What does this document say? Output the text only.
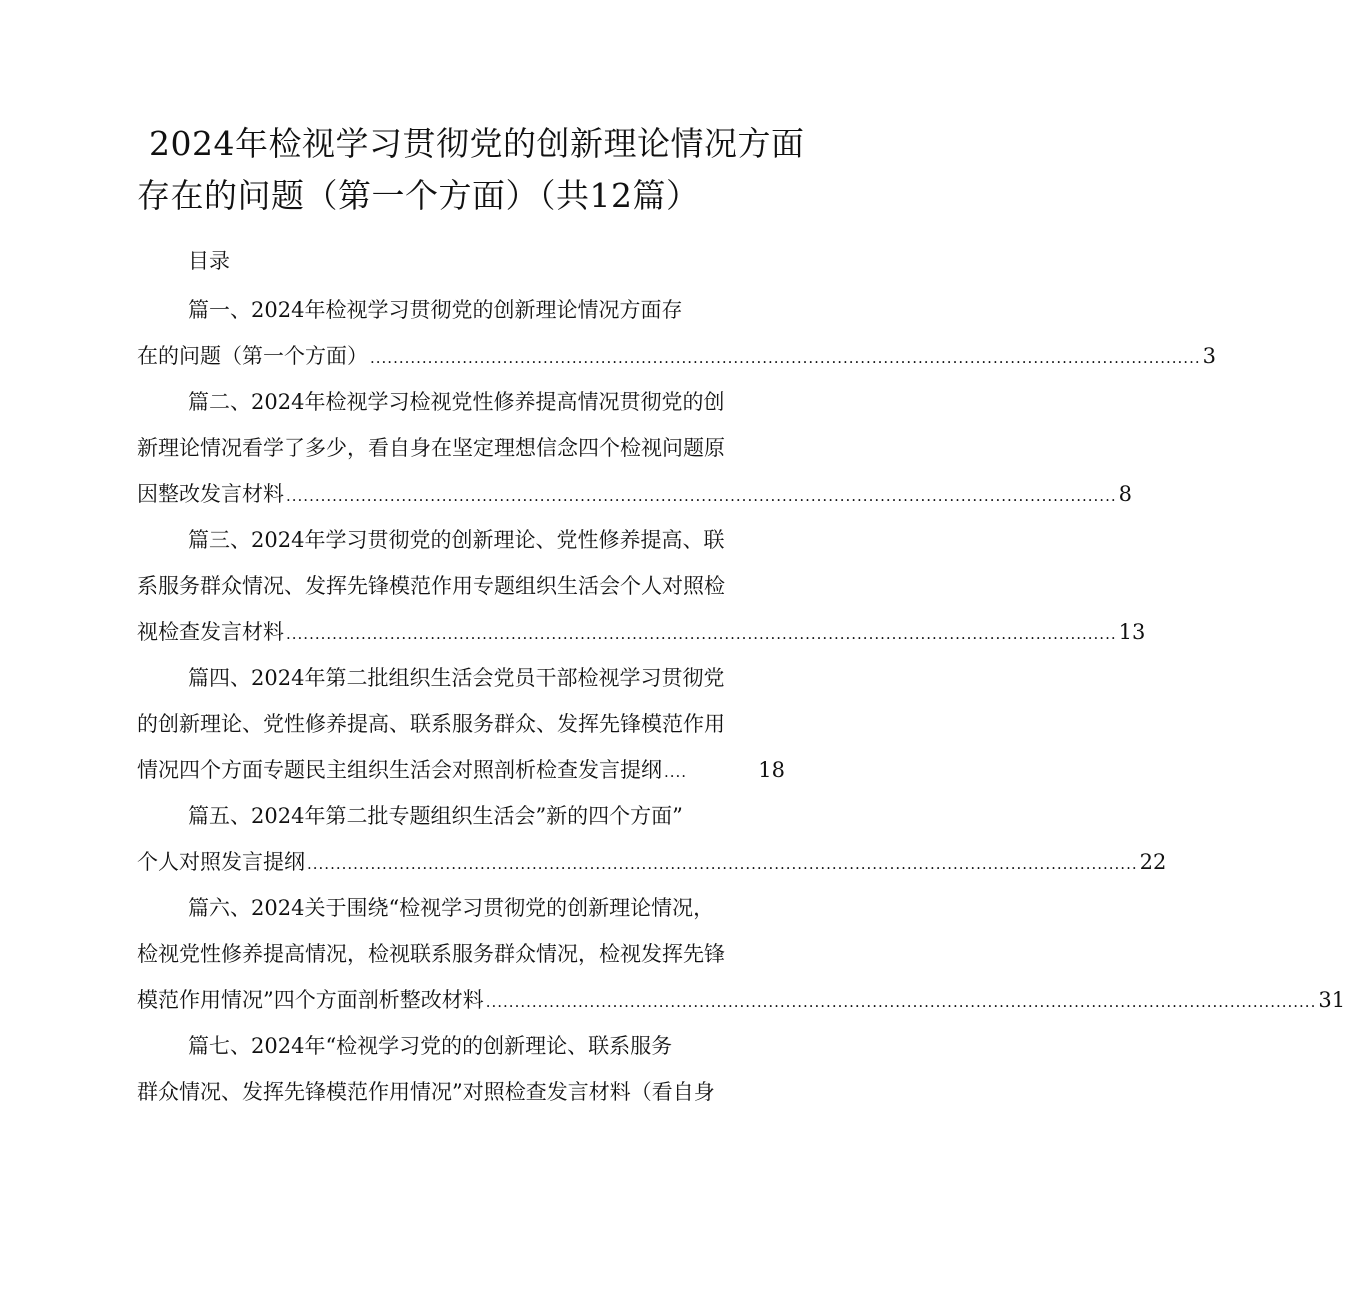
2024年检视学习贯彻党的创新理论情况方面
存在的问题（第一个方面）（共12篇）
目录
篇一、2024年检视学习贯彻党的创新理论情况方面存
在的问题（第一个方面） ................................................................................................................................................ 3
篇二、2024年检视学习检视党性修养提高情况贯彻党的创
新理论情况看学了多少，看自身在坚定理想信念四个检视问题原
因整改发言材料 ................................................................................................................................................ 8
篇三、2024年学习贯彻党的创新理论、党性修养提高、联
系服务群众情况、发挥先锋模范作用专题组织生活会个人对照检
视检查发言材料 ................................................................................................................................................ 13
篇四、2024年第二批组织生活会党员干部检视学习贯彻党
的创新理论、党性修养提高、联系服务群众、发挥先锋模范作用
情况四个方面专题民主组织生活会对照剖析检查发言提纲 ....	18
篇五、2024年第二批专题组织生活会”新的四个方面”
个人对照发言提纲 ................................................................................................................................................ 22
篇六、2024关于围绕“检视学习贯彻党的创新理论情况，
检视党性修养提高情况，检视联系服务群众情况，检视发挥先锋
模范作用情况”四个方面剖析整改材料 ................................................................................................................................................ 31
篇七、2024年“检视学习党的的创新理论、联系服务
群众情况、发挥先锋模范作用情况”对照检查发言材料（看自身
